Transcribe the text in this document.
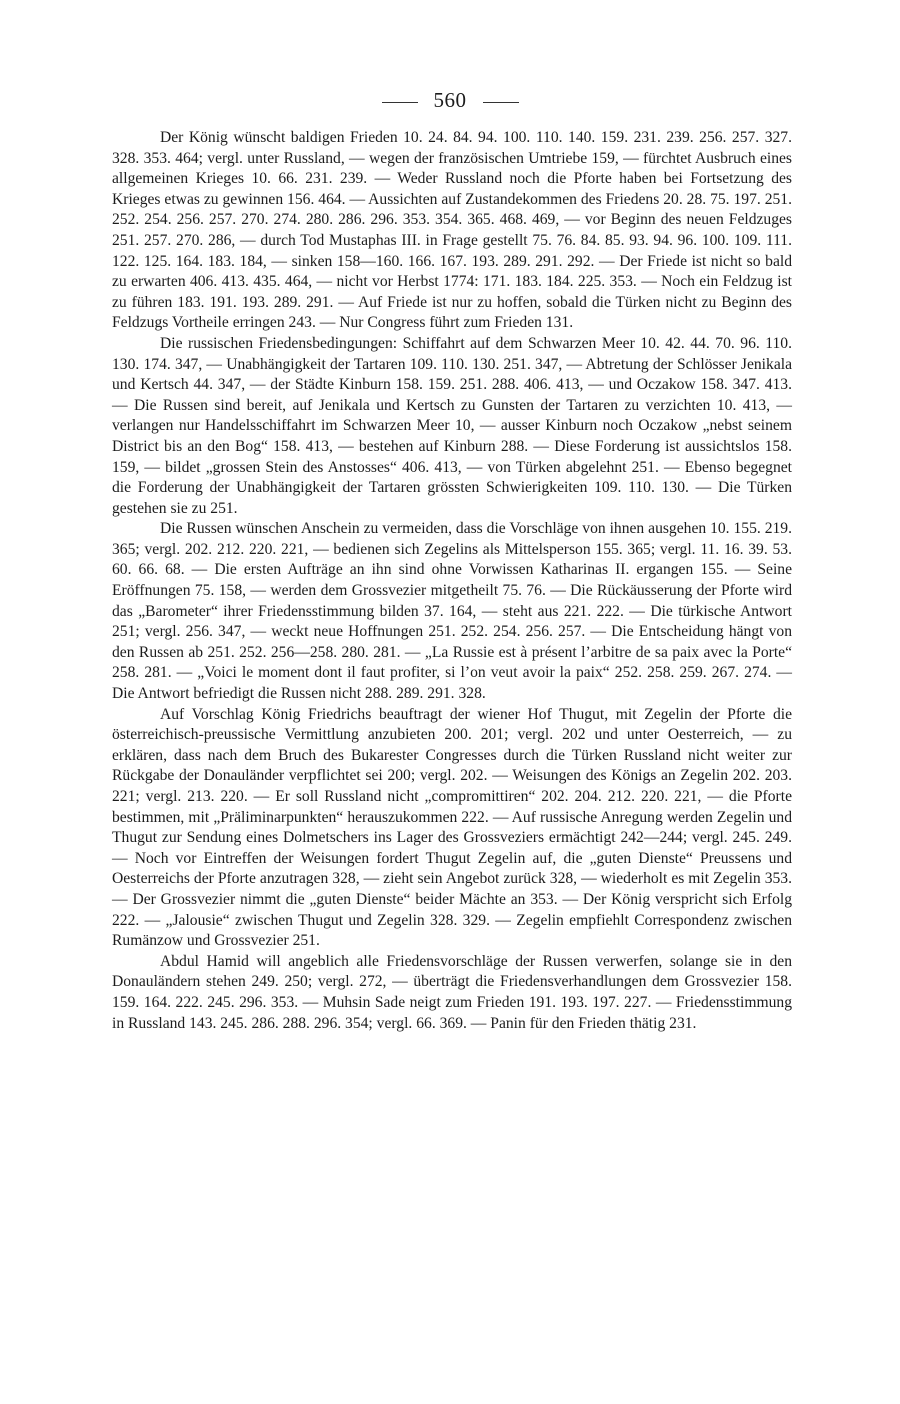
560

Der König wünscht baldigen Frieden 10. 24. 84. 94. 100. 110. 140. 159. 231. 239. 256. 257. 327. 328. 353. 464; vergl. unter Russland, — wegen der französischen Umtriebe 159, — fürchtet Ausbruch eines allgemeinen Krieges 10. 66. 231. 239. — Weder Russland noch die Pforte haben bei Fortsetzung des Krieges etwas zu gewinnen 156. 464. — Aussichten auf Zustandekommen des Friedens 20. 28. 75. 197. 251. 252. 254. 256. 257. 270. 274. 280. 286. 296. 353. 354. 365. 468. 469, — vor Beginn des neuen Feldzuges 251. 257. 270. 286, — durch Tod Mustaphas III. in Frage gestellt 75. 76. 84. 85. 93. 94. 96. 100. 109. 111. 122. 125. 164. 183. 184, — sinken 158—160. 166. 167. 193. 289. 291. 292. — Der Friede ist nicht so bald zu erwarten 406. 413. 435. 464, — nicht vor Herbst 1774: 171. 183. 184. 225. 353. — Noch ein Feldzug ist zu führen 183. 191. 193. 289. 291. — Auf Friede ist nur zu hoffen, sobald die Türken nicht zu Beginn des Feldzugs Vortheile erringen 243. — Nur Congress führt zum Frieden 131.

Die russischen Friedensbedingungen: Schiffahrt auf dem Schwarzen Meer 10. 42. 44. 70. 96. 110. 130. 174. 347, — Unabhängigkeit der Tartaren 109. 110. 130. 251. 347, — Abtretung der Schlösser Jenikala und Kertsch 44. 347, — der Städte Kinburn 158. 159. 251. 288. 406. 413, — und Oczakow 158. 347. 413. — Die Russen sind bereit, auf Jenikala und Kertsch zu Gunsten der Tartaren zu verzichten 10. 413, — verlangen nur Handelsschiffahrt im Schwarzen Meer 10, — ausser Kinburn noch Oczakow „nebst seinem District bis an den Bog“ 158. 413, — bestehen auf Kinburn 288. — Diese Forderung ist aussichtslos 158. 159, — bildet „grossen Stein des Anstosses“ 406. 413, — von Türken abgelehnt 251. — Ebenso begegnet die Forderung der Unabhängigkeit der Tartaren grössten Schwierigkeiten 109. 110. 130. — Die Türken gestehen sie zu 251.

Die Russen wünschen Anschein zu vermeiden, dass die Vorschläge von ihnen ausgehen 10. 155. 219. 365; vergl. 202. 212. 220. 221, — bedienen sich Zegelins als Mittelsperson 155. 365; vergl. 11. 16. 39. 53. 60. 66. 68. — Die ersten Aufträge an ihn sind ohne Vorwissen Katharinas II. ergangen 155. — Seine Eröffnungen 75. 158, — werden dem Grossvezier mitgetheilt 75. 76. — Die Rückäusserung der Pforte wird das „Barometer“ ihrer Friedensstimmung bilden 37. 164, — steht aus 221. 222. — Die türkische Antwort 251; vergl. 256. 347, — weckt neue Hoffnungen 251. 252. 254. 256. 257. — Die Entscheidung hängt von den Russen ab 251. 252. 256—258. 280. 281. — „La Russie est à présent l’arbitre de sa paix avec la Porte“ 258. 281. — „Voici le moment dont il faut profiter, si l’on veut avoir la paix“ 252. 258. 259. 267. 274. — Die Antwort befriedigt die Russen nicht 288. 289. 291. 328.

Auf Vorschlag König Friedrichs beauftragt der wiener Hof Thugut, mit Zegelin der Pforte die österreichisch-preussische Vermittlung anzubieten 200. 201; vergl. 202 und unter Oesterreich, — zu erklären, dass nach dem Bruch des Bukarester Congresses durch die Türken Russland nicht weiter zur Rückgabe der Donauländer verpflichtet sei 200; vergl. 202. — Weisungen des Königs an Zegelin 202. 203. 221; vergl. 213. 220. — Er soll Russland nicht „compromittiren“ 202. 204. 212. 220. 221, — die Pforte bestimmen, mit „Präliminarpunkten“ herauszukommen 222. — Auf russische Anregung werden Zegelin und Thugut zur Sendung eines Dolmetschers ins Lager des Grossveziers ermächtigt 242—244; vergl. 245. 249. — Noch vor Eintreffen der Weisungen fordert Thugut Zegelin auf, die „guten Dienste“ Preussens und Oesterreichs der Pforte anzutragen 328, — zieht sein Angebot zurück 328, — wiederholt es mit Zegelin 353. — Der Grossvezier nimmt die „guten Dienste“ beider Mächte an 353. — Der König verspricht sich Erfolg 222. — „Jalousie“ zwischen Thugut und Zegelin 328. 329. — Zegelin empfiehlt Correspondenz zwischen Rumänzow und Grossvezier 251.

Abdul Hamid will angeblich alle Friedensvorschläge der Russen verwerfen, solange sie in den Donauländern stehen 249. 250; vergl. 272, — überträgt die Friedensverhandlungen dem Grossvezier 158. 159. 164. 222. 245. 296. 353. — Muhsin Sade neigt zum Frieden 191. 193. 197. 227. — Friedensstimmung in Russland 143. 245. 286. 288. 296. 354; vergl. 66. 369. — Panin für den Frieden thätig 231.
